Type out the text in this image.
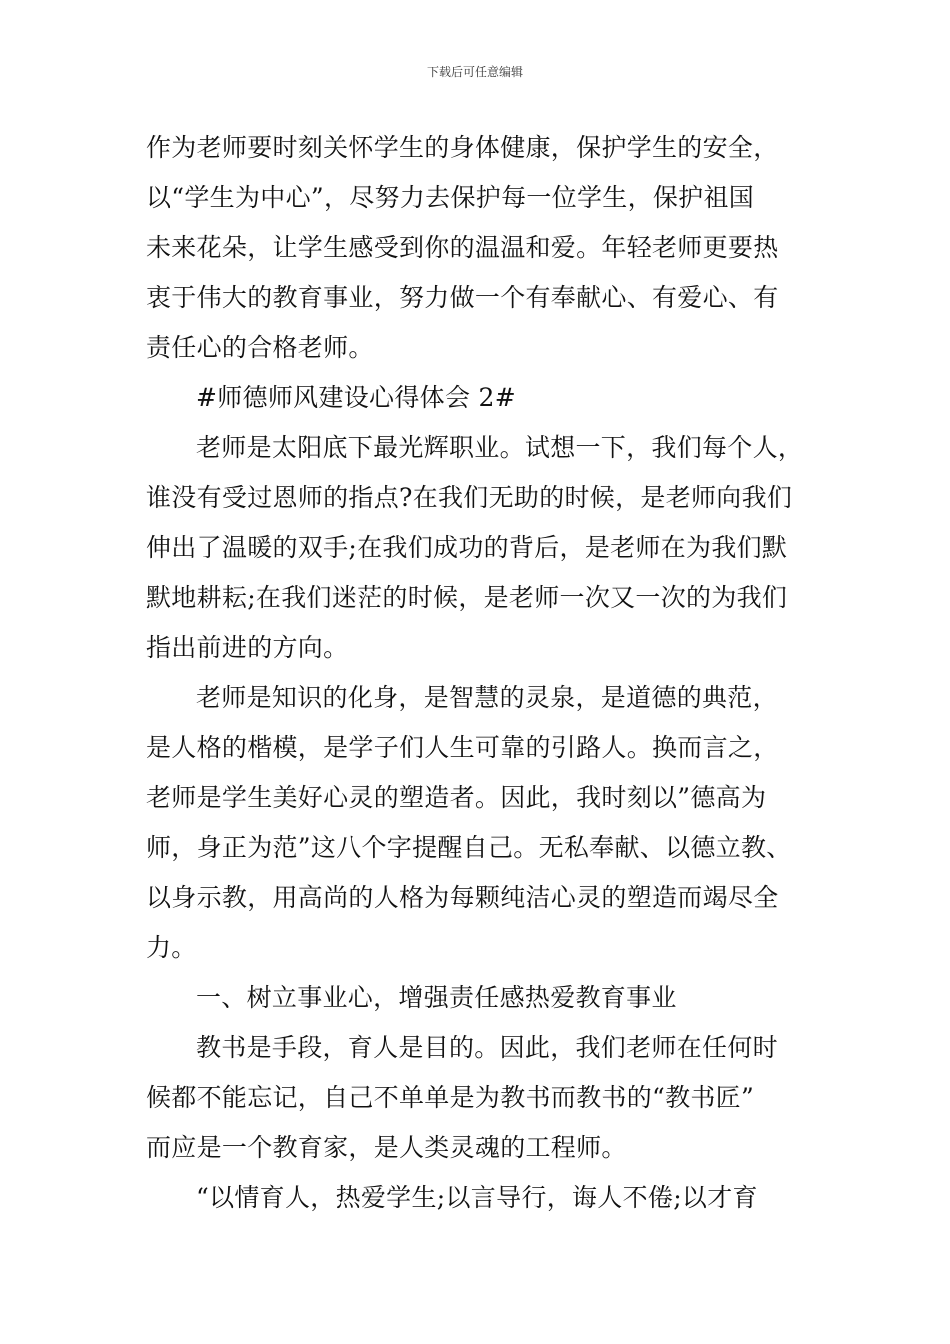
下载后可任意编辑
作为老师要时刻关怀学生的身体健康，保护学生的安全，
以“学生为中心”，尽努力去保护每一位学生，保护祖国
未来花朵，让学生感受到你的温温和爱。年轻老师更要热
衷于伟大的教育事业，努力做一个有奉献心、有爱心、有
责任心的合格老师。
#师德师风建设心得体会 2#
老师是太阳底下最光辉职业。试想一下，我们每个人，
谁没有受过恩师的指点?在我们无助的时候，是老师向我们
伸出了温暖的双手;在我们成功的背后，是老师在为我们默
默地耕耘;在我们迷茫的时候，是老师一次又一次的为我们
指出前进的方向。
老师是知识的化身，是智慧的灵泉，是道德的典范，
是人格的楷模，是学子们人生可靠的引路人。换而言之，
老师是学生美好心灵的塑造者。因此，我时刻以”德高为
师，身正为范”这八个字提醒自己。无私奉献、以德立教、
以身示教，用高尚的人格为每颗纯洁心灵的塑造而竭尽全
力。
一、树立事业心，增强责任感热爱教育事业
教书是手段，育人是目的。因此，我们老师在任何时
候都不能忘记，自己不单单是为教书而教书的“教书匠”
而应是一个教育家，是人类灵魂的工程师。
“以情育人，热爱学生;以言导行，诲人不倦;以才育
